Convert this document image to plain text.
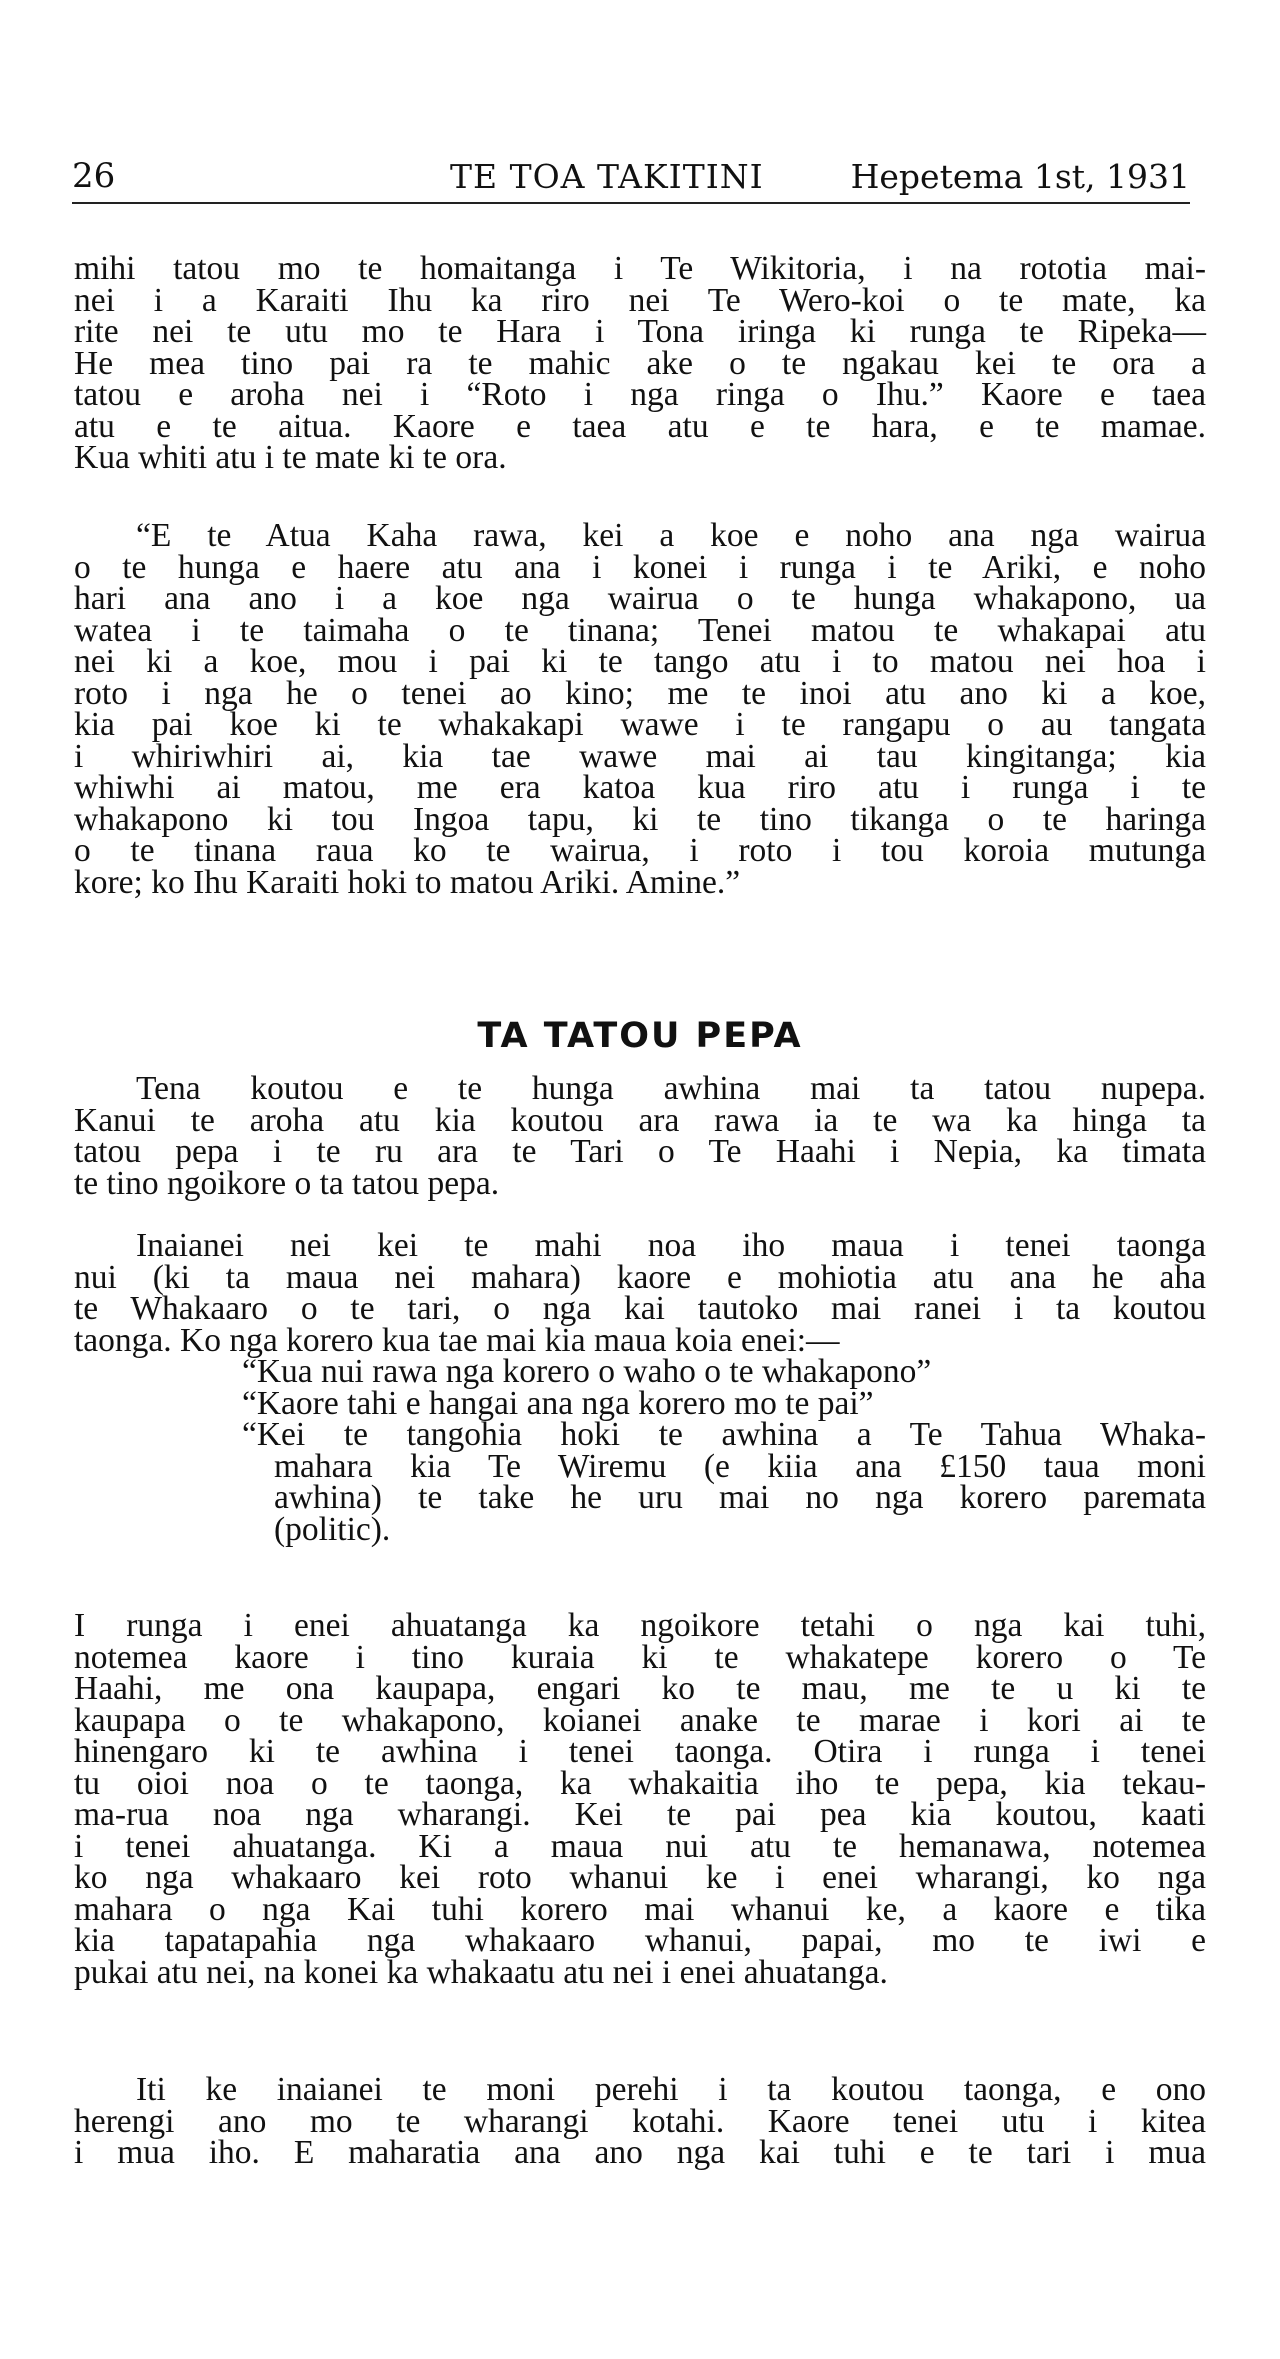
26	TE TOA TAKITINI	Hepetema 1st, 1931
mihi tatou mo te homaitanga i Te Wikitoria, i na rototia mai-
nei i a Karaiti Ihu ka riro nei Te Wero-koi o te mate, ka
rite nei te utu mo te Hara i Tona iringa ki runga te Ripeka—
He mea tino pai ra te mahic ake o te ngakau kei te ora a
tatou e aroha nei i “Roto i nga ringa o Ihu.” Kaore e taea
atu e te aitua. Kaore e taea atu e te hara, e te mamae.
Kua whiti atu i te mate ki te ora.
“E te Atua Kaha rawa, kei a koe e noho ana nga wairua
o te hunga e haere atu ana i konei i runga i te Ariki, e noho
hari ana ano i a koe nga wairua o te hunga whakapono, ua
watea i te taimaha o te tinana; Tenei matou te whakapai atu
nei ki a koe, mou i pai ki te tango atu i to matou nei hoa i
roto i nga he o tenei ao kino; me te inoi atu ano ki a koe,
kia pai koe ki te whakakapi wawe i te rangapu o au tangata
i whiriwhiri ai, kia tae wawe mai ai tau kingitanga; kia
whiwhi ai matou, me era katoa kua riro atu i runga i te
whakapono ki tou Ingoa tapu, ki te tino tikanga o te haringa
o te tinana raua ko te wairua, i roto i tou koroia mutunga
kore; ko Ihu Karaiti hoki to matou Ariki. Amine.”
TA TATOU PEPA
Tena koutou e te hunga awhina mai ta tatou nupepa.
Kanui te aroha atu kia koutou ara rawa ia te wa ka hinga ta
tatou pepa i te ru ara te Tari o Te Haahi i Nepia, ka timata
te tino ngoikore o ta tatou pepa.
Inaianei nei kei te mahi noa iho maua i tenei taonga
nui (ki ta maua nei mahara) kaore e mohiotia atu ana he aha
te Whakaaro o te tari, o nga kai tautoko mai ranei i ta koutou
taonga. Ko nga korero kua tae mai kia maua koia enei:—
“Kua nui rawa nga korero o waho o te whakapono”
“Kaore tahi e hangai ana nga korero mo te pai”
“Kei te tangohia hoki te awhina a Te Tahua Whaka-
mahara kia Te Wiremu (e kiia ana £150 taua moni
awhina) te take he uru mai no nga korero paremata
(politic).
I runga i enei ahuatanga ka ngoikore tetahi o nga kai tuhi,
notemea kaore i tino kuraia ki te whakatepe korero o Te
Haahi, me ona kaupapa, engari ko te mau, me te u ki te
kaupapa o te whakapono, koianei anake te marae i kori ai te
hinengaro ki te awhina i tenei taonga. Otira i runga i tenei
tu oioi noa o te taonga, ka whakaitia iho te pepa, kia tekau-
ma-rua noa nga wharangi. Kei te pai pea kia koutou, kaati
i tenei ahuatanga. Ki a maua nui atu te hemanawa, notemea
ko nga whakaaro kei roto whanui ke i enei wharangi, ko nga
mahara o nga Kai tuhi korero mai whanui ke, a kaore e tika
kia tapatapahia nga whakaaro whanui, papai, mo te iwi e
pukai atu nei, na konei ka whakaatu atu nei i enei ahuatanga.
Iti ke inaianei te moni perehi i ta koutou taonga, e ono
herengi ano mo te wharangi kotahi. Kaore tenei utu i kitea
i mua iho. E maharatia ana ano nga kai tuhi e te tari i mua
